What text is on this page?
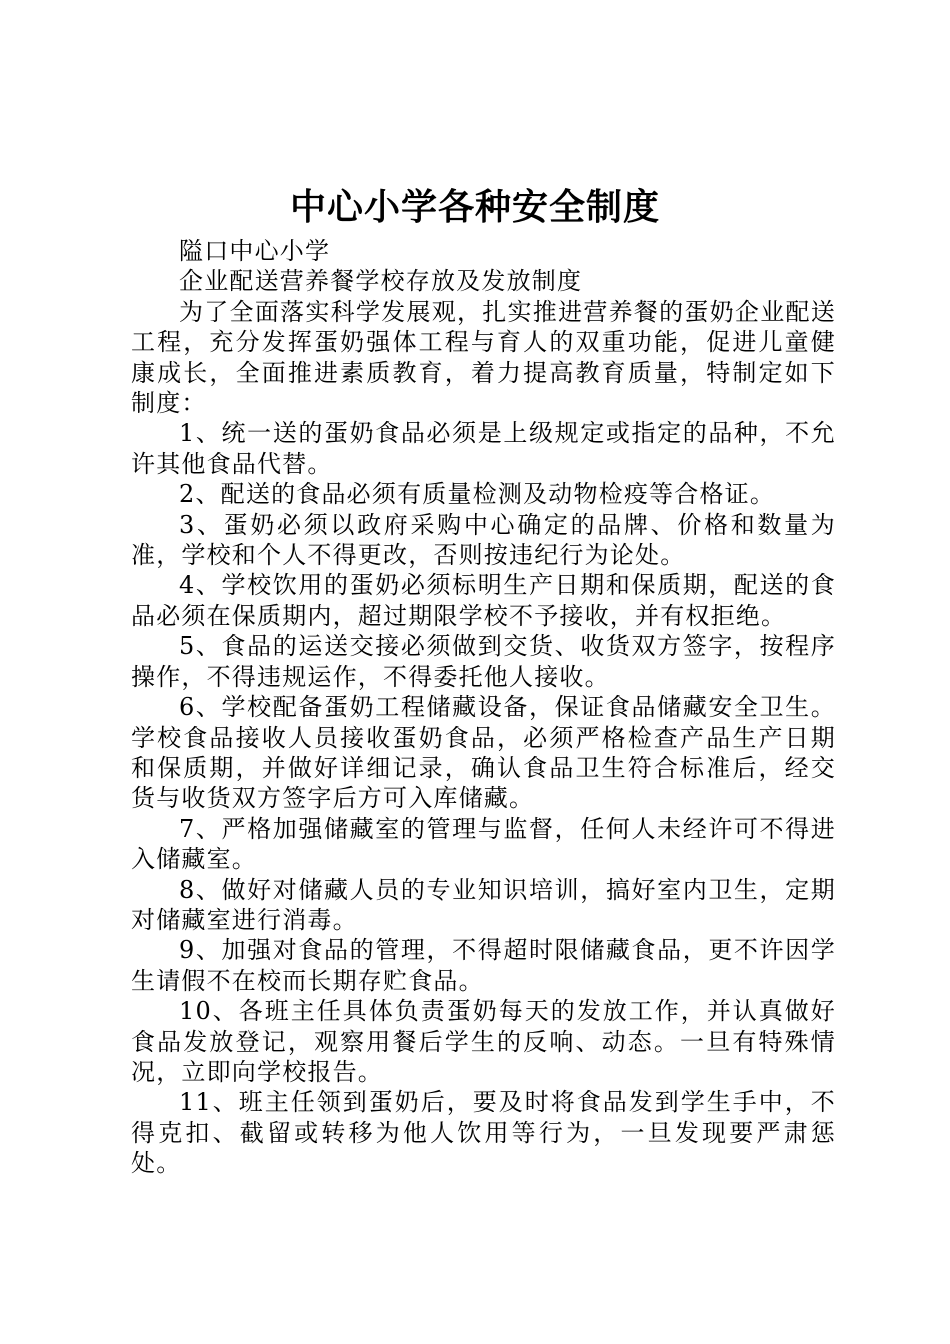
中心小学各种安全制度

隘口中心小学

企业配送营养餐学校存放及发放制度

为了全面落实科学发展观，扎实推进营养餐的蛋奶企业配送工程，充分发挥蛋奶强体工程与育人的双重功能，促进儿童健康成长，全面推进素质教育，着力提高教育质量，特制定如下制度：

1、统一送的蛋奶食品必须是上级规定或指定的品种，不允许其他食品代替。

2、配送的食品必须有质量检测及动物检疫等合格证。

3、蛋奶必须以政府采购中心确定的品牌、价格和数量为准，学校和个人不得更改，否则按违纪行为论处。

4、学校饮用的蛋奶必须标明生产日期和保质期，配送的食品必须在保质期内，超过期限学校不予接收，并有权拒绝。

5、食品的运送交接必须做到交货、收货双方签字，按程序操作，不得违规运作，不得委托他人接收。

6、学校配备蛋奶工程储藏设备，保证食品储藏安全卫生。学校食品接收人员接收蛋奶食品，必须严格检查产品生产日期和保质期，并做好详细记录，确认食品卫生符合标准后，经交货与收货双方签字后方可入库储藏。

7、严格加强储藏室的管理与监督，任何人未经许可不得进入储藏室。

8、做好对储藏人员的专业知识培训，搞好室内卫生，定期对储藏室进行消毒。

9、加强对食品的管理，不得超时限储藏食品，更不许因学生请假不在校而长期存贮食品。

10、各班主任具体负责蛋奶每天的发放工作，并认真做好食品发放登记，观察用餐后学生的反响、动态。一旦有特殊情况，立即向学校报告。

11、班主任领到蛋奶后，要及时将食品发到学生手中，不得克扣、截留或转移为他人饮用等行为，一旦发现要严肃惩处。
